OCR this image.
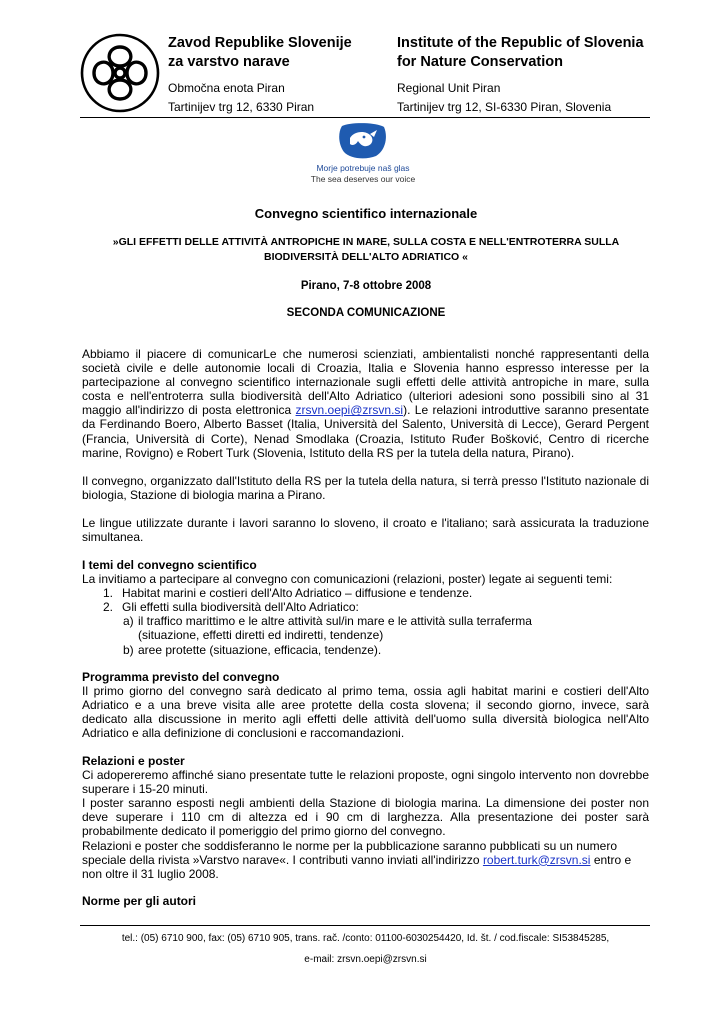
Zavod Republike Slovenije
za varstvo narave
Območna enota Piran
Tartinijev trg 12, 6330 Piran
Institute of the Republic of Slovenia
for Nature Conservation
Regional Unit Piran
Tartinijev trg 12, SI-6330 Piran, Slovenia
Morje potrebuje naš glas
The sea deserves our voice
Convegno scientifico internazionale
»GLI EFFETTI DELLE ATTIVITÀ ANTROPICHE IN MARE, SULLA COSTA E NELL'ENTROTERRA SULLA
BIODIVERSITÀ DELL'ALTO ADRIATICO «
Pirano, 7-8 ottobre 2008
SECONDA COMUNICAZIONE
Abbiamo il piacere di comunicarLe che numerosi scienziati, ambientalisti nonché rappresentanti della società civile e delle autonomie locali di Croazia, Italia e Slovenia hanno espresso interesse per la partecipazione al convegno scientifico internazionale sugli effetti delle attività antropiche in mare, sulla costa e nell'entroterra sulla biodiversità dell'Alto Adriatico (ulteriori adesioni sono possibili sino al 31 maggio all'indirizzo di posta elettronica zrsvn.oepi@zrsvn.si). Le relazioni introduttive saranno presentate da Ferdinando Boero, Alberto Basset (Italia, Università del Salento, Università di Lecce), Gerard Pergent (Francia, Università di Corte), Nenad Smodlaka (Croazia, Istituto Ruđer Bošković, Centro di ricerche marine, Rovigno) e Robert Turk (Slovenia, Istituto della RS per la tutela della natura, Pirano).
Il convegno, organizzato dall'Istituto della RS per la tutela della natura, si terrà presso l'Istituto nazionale di biologia, Stazione di biologia marina a Pirano.
Le lingue utilizzate durante i lavori saranno lo sloveno, il croato e l'italiano; sarà assicurata la traduzione simultanea.
I temi del convegno scientifico
La invitiamo a partecipare al convegno con comunicazioni (relazioni, poster) legate ai seguenti temi:
1. Habitat marini e costieri dell'Alto Adriatico – diffusione e tendenze.
2. Gli effetti sulla biodiversità dell'Alto Adriatico:
a) il traffico marittimo e le altre attività sul/in mare e le attività sulla terraferma
(situazione, effetti diretti ed indiretti, tendenze)
b) aree protette (situazione, efficacia, tendenze).
Programma previsto del convegno
Il primo giorno del convegno sarà dedicato al primo tema, ossia agli habitat marini e costieri dell'Alto Adriatico e a una breve visita alle aree protette della costa slovena; il secondo giorno, invece, sarà dedicato alla discussione in merito agli effetti delle attività dell'uomo sulla diversità biologica nell'Alto Adriatico e alla definizione di conclusioni e raccomandazioni.
Relazioni e poster
Ci adopereremo affinché siano presentate tutte le relazioni proposte, ogni singolo intervento non dovrebbe superare i 15-20 minuti.
I poster saranno esposti negli ambienti della Stazione di biologia marina. La dimensione dei poster non deve superare i 110 cm di altezza ed i 90 cm di larghezza. Alla presentazione dei poster sarà probabilmente dedicato il pomeriggio del primo giorno del convegno.
Relazioni e poster che soddisferanno le norme per la pubblicazione saranno pubblicati su un numero speciale della rivista »Varstvo narave«. I contributi vanno inviati all'indirizzo robert.turk@zrsvn.si entro e non oltre il 31 luglio 2008.
Norme per gli autori
tel.: (05) 6710 900, fax: (05) 6710 905, trans. rač. /conto: 01100-6030254420, Id. št. / cod.fiscale: SI53845285,
e-mail: zrsvn.oepi@zrsvn.si
